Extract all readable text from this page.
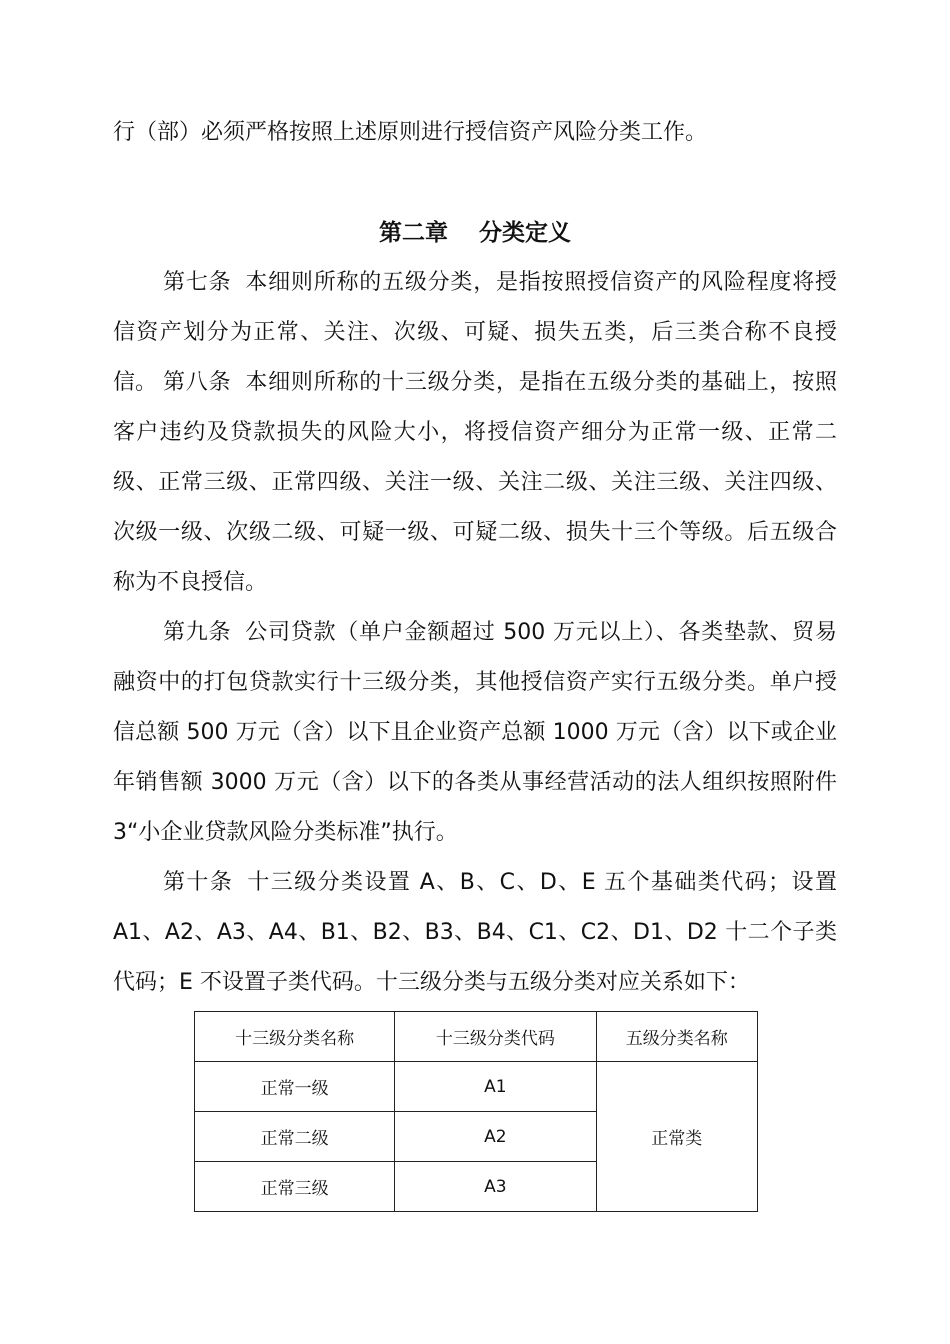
行（部）必须严格按照上述原则进行授信资产风险分类工作。

第二章　 分类定义

第七条 本细则所称的五级分类，是指按照授信资产的风险程度将授信资产划分为正常、关注、次级、可疑、损失五类，后三类合称不良授信。 第八条 本细则所称的十三级分类，是指在五级分类的基础上，按照客户违约及贷款损失的风险大小，将授信资产细分为正常一级、正常二级、正常三级、正常四级、关注一级、关注二级、关注三级、关注四级、次级一级、次级二级、可疑一级、可疑二级、损失十三个等级。后五级合称为不良授信。

第九条 公司贷款（单户金额超过 500 万元以上）、各类垫款、贸易融资中的打包贷款实行十三级分类，其他授信资产实行五级分类。单户授信总额 500 万元（含）以下且企业资产总额 1000 万元（含）以下或企业年销售额 3000 万元（含）以下的各类从事经营活动的法人组织按照附件 3“小企业贷款风险分类标准”执行。

第十条 十三级分类设置 A、B、C、D、E 五个基础类代码；设置 A1、A2、A3、A4、B1、B2、B3、B4、C1、C2、D1、D2 十二个子类代码；E 不设置子类代码。十三级分类与五级分类对应关系如下：

十三级分类名称	十三级分类代码	五级分类名称
正常一级	A1	正常类
正常二级	A2	
正常三级	A3	
